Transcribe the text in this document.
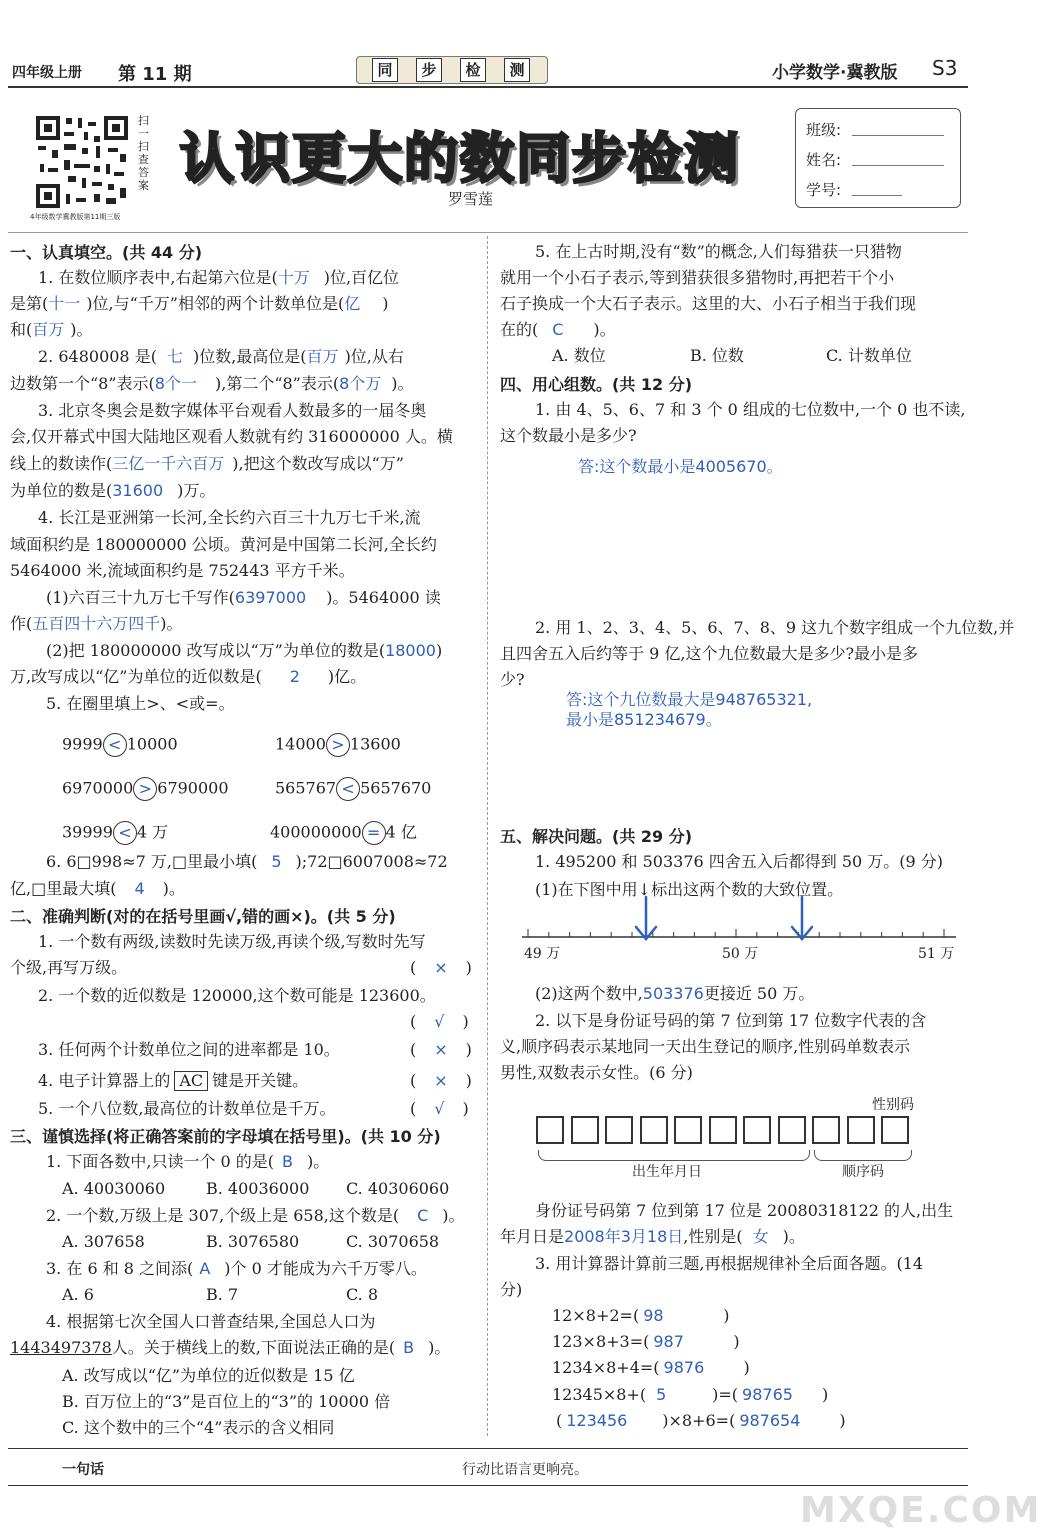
四年级上册 第 11 期	同	步	检	测	小学数学·冀教版 S3
扫一扫 查答案
4年级数学冀教版第11期三版
认识更大的数同步检测
罗雪莲
班级:
姓名:
学号:
一、认真填空。(共 44 分)
1. 在数位顺序表中,右起第六位是(十万 )位,百亿位
是第(十一 )位,与“千万”相邻的两个计数单位是(亿 )
和(百万 )。
2. 6480008 是( 七 )位数,最高位是(百万 )位,从右
边数第一个“8”表示(8个一 ),第二个“8”表示(8个万 )。
3. 北京冬奥会是数字媒体平台观看人数最多的一届冬奥
会,仅开幕式中国大陆地区观看人数就有约 316000000 人。横
线上的数读作(三亿一千六百万 ),把这个数改写成以“万”
为单位的数是(31600 )万。
4. 长江是亚洲第一长河,全长约六百三十九万七千米,流
域面积约是 180000000 公顷。黄河是中国第二长河,全长约
5464000 米,流域面积约是 752443 平方千米。
(1)六百三十九万七千写作(6397000 )。5464000 读
作(五百四十六万四千)。
(2)把 180000000 改写成以“万”为单位的数是(18000)
万,改写成以“亿”为单位的近似数是( 2 )亿。
5. 在圈里填上>、<或=。
9999 < 10000	14000 > 13600
6970000 > 6790000	565767 < 5657670
39999 < 4 万	400000000 = 4 亿
6. 6□998≈7 万,□里最小填( 5 );72□6007008≈72
亿,□里最大填( 4 )。
二、准确判断(对的在括号里画√,错的画×)。(共 5 分)
1. 一个数有两级,读数时先读万级,再读个级,写数时先写
个级,再写万级。	( × )
2. 一个数的近似数是 120000,这个数可能是 123600。
( √ )
3. 任何两个计数单位之间的进率都是 10。	( × )
4. 电子计算器上的 AC 键是开关键。	( × )
5. 一个八位数,最高位的计数单位是千万。	( √ )
三、谨慎选择(将正确答案前的字母填在括号里)。(共 10 分)
1. 下面各数中,只读一个 0 的是( B )。
A. 40030060	B. 40036000 C. 40306060
2. 一个数,万级上是 307,个级上是 658,这个数是( C )。
A. 307658	B. 3076580	C. 3070658
3. 在 6 和 8 之间添( A )个 0 才能成为六千万零八。
A. 6	B. 7	C. 8
4. 根据第七次全国人口普查结果,全国总人口为
1443497378人。关于横线上的数,下面说法正确的是( B )。
A. 改写成以“亿”为单位的近似数是 15 亿
B. 百万位上的“3”是百位上的“3”的 10000 倍
C. 这个数中的三个“4”表示的含义相同
5. 在上古时期,没有“数”的概念,人们每猎获一只猎物
就用一个小石子表示,等到猎获很多猎物时,再把若干个小
石子换成一个大石子表示。这里的大、小石子相当于我们现
在的( C )。
A. 数位	B. 位数	C. 计数单位
四、用心组数。(共 12 分)
1. 由 4、5、6、7 和 3 个 0 组成的七位数中,一个 0 也不读,
这个数最小是多少?
答:这个数最小是4005670。
2. 用 1、2、3、4、5、6、7、8、9 这九个数字组成一个九位数,并
且四舍五入后约等于 9 亿,这个九位数最大是多少?最小是多
少?
答:这个九位数最大是948765321,
最小是851234679。
五、解决问题。(共 29 分)
1. 495200 和 503376 四舍五入后都得到 50 万。(9 分)
(1)在下图中用↓标出这两个数的大致位置。
49 万	50 万	51 万
(2)这两个数中,503376更接近 50 万。
2. 以下是身份证号码的第 7 位到第 17 位数字代表的含
义,顺序码表示某地同一天出生登记的顺序,性别码单数表示
男性,双数表示女性。(6 分)
性别码
出生年月日	顺序码
身份证号码第 7 位到第 17 位是 20080318122 的人,出生
年月日是2008年3月18日,性别是( 女 )。
3. 用计算器计算前三题,再根据规律补全后面各题。(14
分)
12×8+2=( 98	)
123×8+3=( 987	)
1234×8+4=( 9876 )
12345×8+( 5	)=( 98765 )
( 123456 )×8+6=( 987654 )
一句话	行动比语言更响亮。
MXQE.COM
